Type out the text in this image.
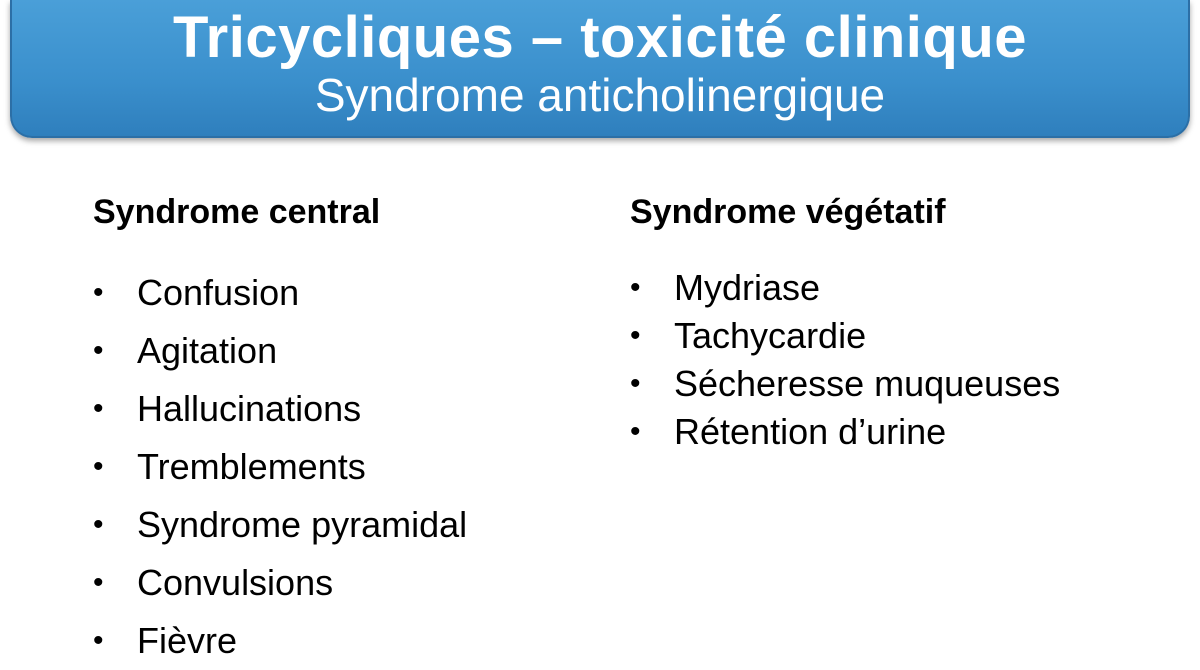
Tricycliques – toxicité clinique
Syndrome anticholinergique
Syndrome central
• Confusion
• Agitation
• Hallucinations
• Tremblements
• Syndrome pyramidal
• Convulsions
• Fièvre
Syndrome végétatif
• Mydriase
• Tachycardie
• Sécheresse muqueuses
• Rétention d’urine
